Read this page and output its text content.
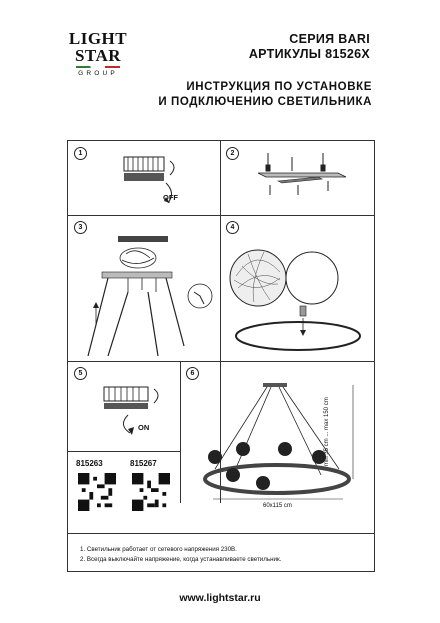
LIGHT
STAR
GROUP
СЕРИЯ BARI
АРТИКУЛЫ 81526X
ИНСТРУКЦИЯ ПО УСТАНОВКЕ
И ПОДКЛЮЧЕНИЮ СВЕТИЛЬНИКА
1	2
3	4
5	6
OFF
ON
815263	815267	min 35 cm ... max 150 cm
60x115 cm
1. Светильник работает от сетевого напряжения 230В.
2. Всегда выключайте напряжение, когда устанавливаете светильник.
www.lightstar.ru
